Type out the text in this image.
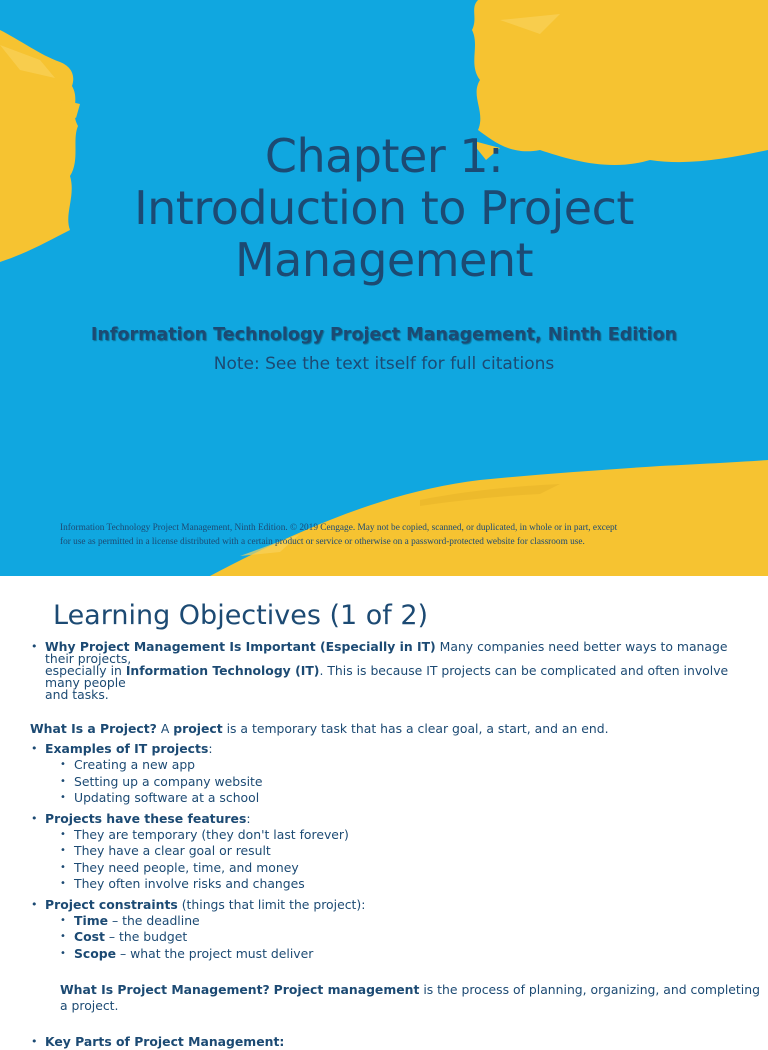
Chapter 1:
Introduction to Project
Management
Information Technology Project Management, Ninth Edition
Note: See the text itself for full citations
Information Technology Project Management, Ninth Edition. © 2019 Cengage. May not be copied, scanned, or duplicated, in whole or in part, except
for use as permitted in a license distributed with a certain product or service or otherwise on a password-protected website for classroom use.
Learning Objectives (1 of 2)
• Why Project Management Is Important (Especially in IT) Many companies need better ways to manage their projects,
especially in Information Technology (IT). This is because IT projects can be complicated and often involve many people
and tasks.
What Is a Project? A project is a temporary task that has a clear goal, a start, and an end.
• Examples of IT projects:
• Creating a new app
• Setting up a company website
• Updating software at a school
• Projects have these features:
• They are temporary (they don't last forever)
• They have a clear goal or result
• They need people, time, and money
• They often involve risks and changes
• Project constraints (things that limit the project):
• Time – the deadline
• Cost – the budget
• Scope – what the project must deliver
What Is Project Management? Project management is the process of planning, organizing, and completing a project.
• Key Parts of Project Management:
